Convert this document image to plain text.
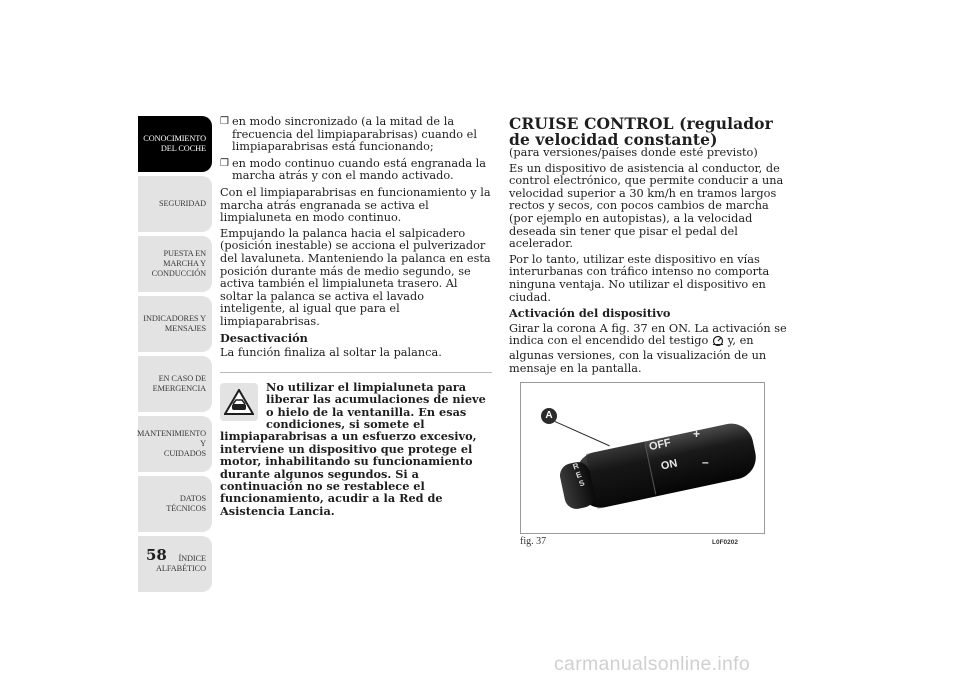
CONOCIMIENTO
DEL COCHE
SEGURIDAD
PUESTA EN
MARCHA Y
CONDUCCIÓN
INDICADORES Y
MENSAJES
EN CASO DE
EMERGENCIA
MANTENIMIENTO Y
CUIDADOS
DATOS TÉCNICOS
ÍNDICE
ALFABÉTICO
58
❒ en modo sincronizado (a la mitad de la frecuencia del limpiaparabrisas) cuando el limpiaparabrisas está funcionando;
❒ en modo continuo cuando está engranada la marcha atrás y con el mando activado.

Con el limpiaparabrisas en funcionamiento y la marcha atrás engranada se activa el limpialuneta en modo continuo.

Empujando la palanca hacia el salpicadero (posición inestable) se acciona el pulverizador del lavaluneta. Manteniendo la palanca en esta posición durante más de medio segundo, se activa también el limpialuneta trasero. Al soltar la palanca se activa el lavado inteligente, al igual que para el limpiaparabrisas.

Desactivación

La función finaliza al soltar la palanca.

No utilizar el limpialuneta para liberar las acumulaciones de nieve o hielo de la ventanilla. En esas condiciones, si somete el limpiaparabrisas a un esfuerzo excesivo, interviene un dispositivo que protege el motor, inhabilitando su funcionamiento durante algunos segundos. Si a continuación no se restablece el funcionamiento, acudir a la Red de Asistencia Lancia.
CRUISE CONTROL (regulador de velocidad constante)

(para versiones/países donde esté previsto)

Es un dispositivo de asistencia al conductor, de control electrónico, que permite conducir a una velocidad superior a 30 km/h en tramos largos rectos y secos, con pocos cambios de marcha (por ejemplo en autopistas), a la velocidad deseada sin tener que pisar el pedal del acelerador.

Por lo tanto, utilizar este dispositivo en vías interurbanas con tráfico intenso no comporta ninguna ventaja. No utilizar el dispositivo en ciudad.

Activación del dispositivo

Girar la corona A fig. 37 en ON. La activación se indica con el encendido del testigo y, en algunas versiones, con la visualización de un mensaje en la pantalla.

A
OFF
ON
RES
+
–
fig. 37	L0F0202
carmanualsonline.info
